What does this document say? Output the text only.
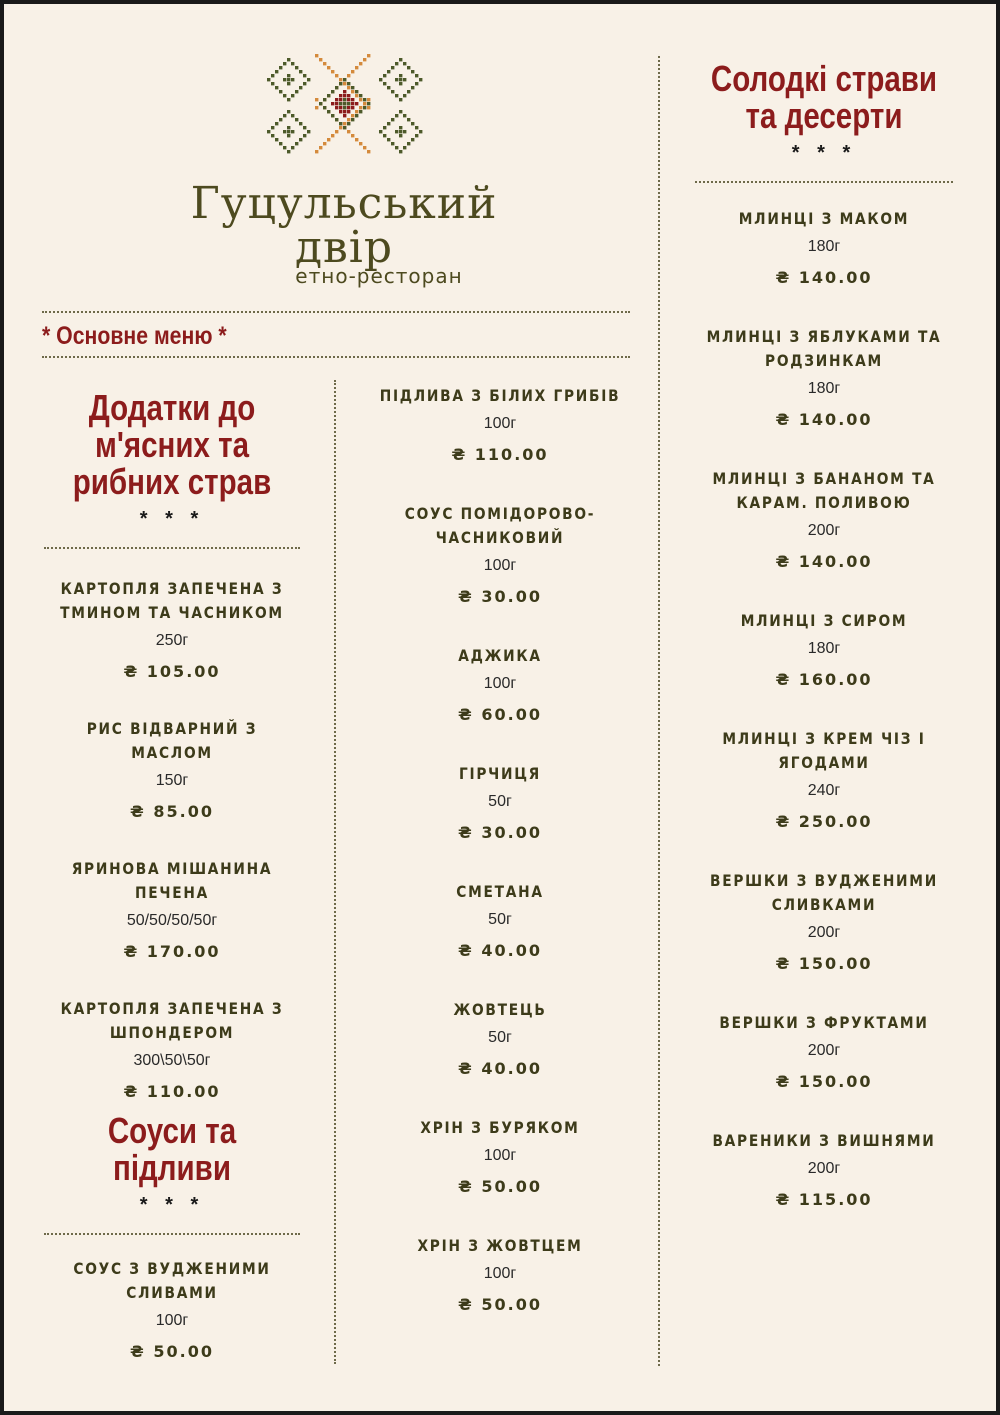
Гуцульський двір
етно-ресторан
* Основне меню *
Додатки до м'ясних та рибних страв
* * *
КАРТОПЛЯ ЗАПЕЧЕНА З ТМИНОМ ТА ЧАСНИКОМ
250г
₴ 105.00
РИС ВІДВАРНИЙ З МАСЛОМ
150г
₴ 85.00
ЯРИНОВА МІШАНИНА ПЕЧЕНА
50/50/50/50г
₴ 170.00
КАРТОПЛЯ ЗАПЕЧЕНА З ШПОНДЕРОМ
300\50\50г
₴ 110.00
Соуси та підливи
* * *
СОУС З ВУДЖЕНИМИ СЛИВАМИ
100г
₴ 50.00
ПІДЛИВА З БІЛИХ ГРИБІВ
100г
₴ 110.00
СОУС ПОМІДОРОВО-ЧАСНИКОВИЙ
100г
₴ 30.00
АДЖИКА
100г
₴ 60.00
ГІРЧИЦЯ
50г
₴ 30.00
СМЕТАНА
50г
₴ 40.00
ЖОВТЕЦЬ
50г
₴ 40.00
ХРІН З БУРЯКОМ
100г
₴ 50.00
ХРІН З ЖОВТЦЕМ
100г
₴ 50.00
Солодкі страви та десерти
* * *
МЛИНЦІ З МАКОМ
180г
₴ 140.00
МЛИНЦІ З ЯБЛУКАМИ ТА РОДЗИНКАМ
180г
₴ 140.00
МЛИНЦІ З БАНАНОМ ТА КАРАМ. ПОЛИВОЮ
200г
₴ 140.00
МЛИНЦІ З СИРОМ
180г
₴ 160.00
МЛИНЦІ З КРЕМ ЧІЗ І ЯГОДАМИ
240г
₴ 250.00
ВЕРШКИ З ВУДЖЕНИМИ СЛИВКАМИ
200г
₴ 150.00
ВЕРШКИ З ФРУКТАМИ
200г
₴ 150.00
ВАРЕНИКИ З ВИШНЯМИ
200г
₴ 115.00
